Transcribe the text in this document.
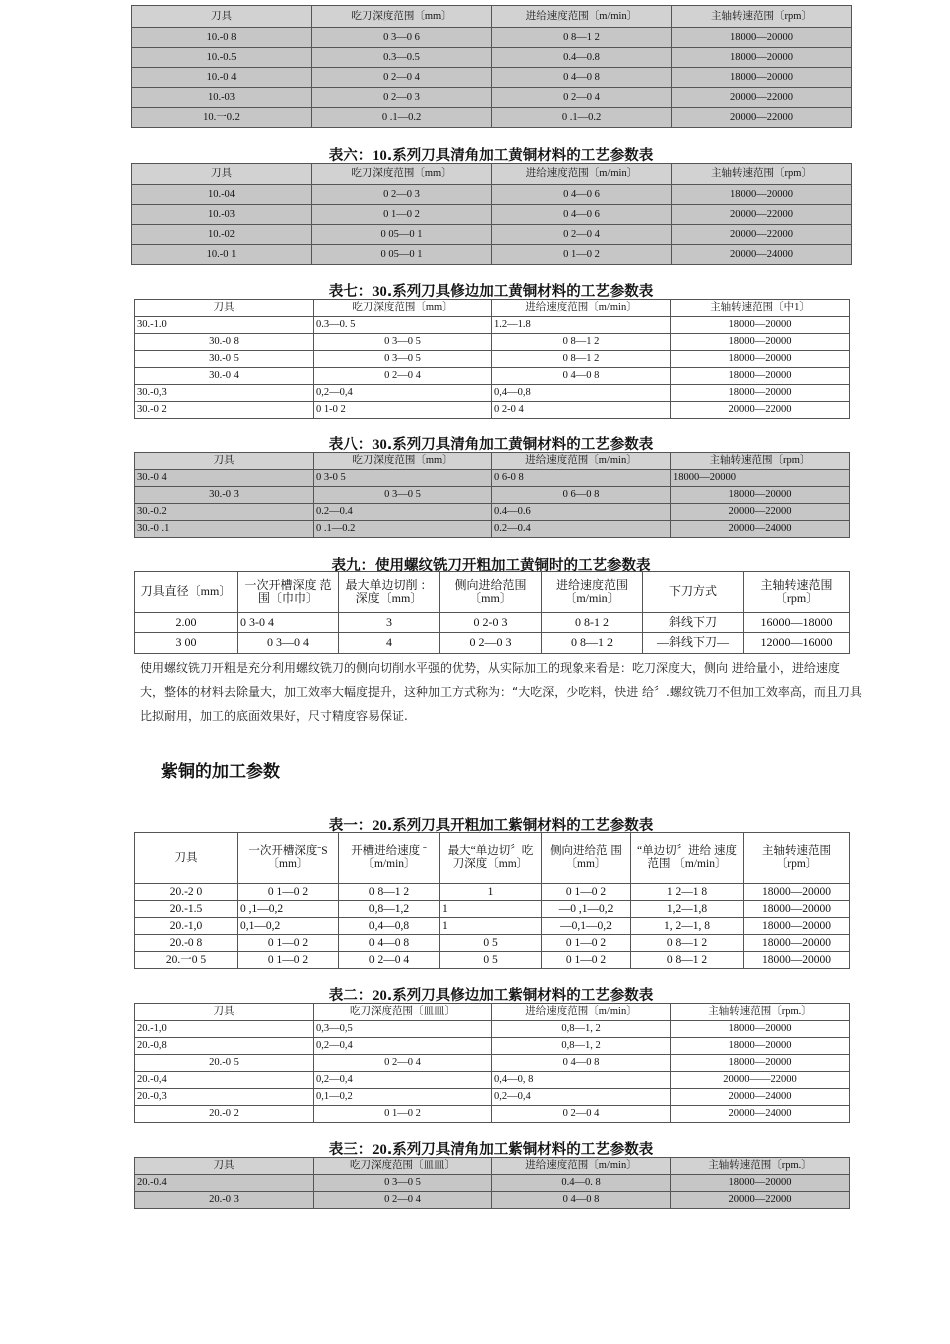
刀具	吃刀深度范围〔mm〕	进给速度范围〔m/min〕	主轴转速范围〔rpm〕
10.-0 8	0 3—0 6	0 8—1 2	18000—20000
10.-0.5	0.3—0.5	0.4—0.8	18000—20000
10.-0 4	0 2—0 4	0 4—0 8	18000—20000
10.-03	0 2—0 3	0 2—0 4	20000—22000
10.一0.2	0 .1—0.2	0 .1—0.2	20000—22000
表六：10.系列刀具清角加工黄铜材料的工艺参数表
刀具	吃刀深度范围〔mm〕	进给速度范围〔m/min〕	主轴转速范围〔rpm〕
10.-04	0 2—0 3	0 4—0 6	18000—20000
10.-03	0 1—0 2	0 4—0 6	20000—22000
10.-02	0 05—0 1	0 2—0 4	20000—22000
10.-0 1	0 05—0 1	0 1—0 2	20000—24000
表七：30.系列刀具修边加工黄铜材料的工艺参数表
刀具	吃刀深度范围〔mm〕	进给速度范围〔m/min〕	主轴转速范围〔中1〕
30.-1.0	0.3—0. 5	1.2—1.8	18000—20000
30.-0 8	0 3—0 5	0 8—1 2	18000—20000
30.-0 5	0 3—0 5	0 8—1 2	18000—20000
30.-0 4	0 2—0 4	0 4—0 8	18000—20000
30.-0,3	0,2—0,4	0,4—0,8	18000—20000
30.-0 2	0 1-0 2	0 2-0 4	20000—22000
表八：30.系列刀具清角加工黄铜材料的工艺参数表
刀具	吃刀深度范围〔mm〕	进给速度范围〔m/min〕	主轴转速范围〔rpm〕
30.-0 4	0 3-0 5	0 6-0 8	18000—20000
30.-0 3	0 3—0 5	0 6—0 8	18000—20000
30.-0.2	0.2—0.4	0.4—0.6	20000—22000
30.-0 .1	0 .1—0.2	0.2—0.4	20000—24000
表九：使用螺纹铣刀开粗加工黄铜时的工艺参数表
刀具直径〔mm〕	一次开槽深度 范围〔巾巾〕	最大单边切削 ：深度〔mm〕	侧向进给范围〔mm〕	进给速度范围〔m/min〕	下刀方式	主轴转速范围〔rpm〕
2.00	0 3-0 4	3	0 2-0 3	0 8-1 2	斜线下刀	16000—18000
3 00	0 3—0 4	4	0 2—0 3	0 8—1 2	—斜线下刀—	12000—16000
使用螺纹铣刀开粗是充分利用螺纹铣刀的侧向切削水平强的优势，从实际加工的现象来看是：吃刀深度大，侧向 进给量小，进给速度大，整体的材料去除量大，加工效率大幅度提升，这种加工方式称为：“大吃深，少吃料，快进 给〞.螺纹铣刀不但加工效率高，而且刀具比拟耐用，加工的底面效果好，尺寸精度容易保证.
紫铜的加工参数
表一：20.系列刀具开粗加工紫铜材料的工艺参数表
刀具	一次开槽深度ˉS〔mm〕	开槽进给速度 ˉ〔m/min〕	最大“单边切〞吃刀深度〔mm〕	侧向进给范 围〔mm〕	“单边切〞进给 速度范围 〔m/min〕	主轴转速范围〔rpm〕
20.-2 0	0 1—0 2	0 8—1 2	1	0 1—0 2	1 2—1 8	18000—20000
20.-1.5	0 ,1—0,2	0,8—1,2	1	—0 ,1—0,2	1,2—1,8	18000—20000
20.-1,0	0,1—0,2	0,4—0,8	1	—0,1—0,2	1, 2—1, 8	18000—20000
20.-0 8	0 1—0 2	0 4—0 8	0 5	0 1—0 2	0 8—1 2	18000—20000
20.一0 5	0 1—0 2	0 2—0 4	0 5	0 1—0 2	0 8—1 2	18000—20000
表二：20.系列刀具修边加工紫铜材料的工艺参数表
刀具	吃刀深度范围〔皿皿〕	进给速度范围〔m/min〕	主轴转速范围〔rpm.〕
20.-1,0	0,3—0,5	0,8—1, 2	18000—20000
20.-0,8	0,2—0,4	0,8—1, 2	18000—20000
20.-0 5	0 2—0 4	0 4—0 8	18000—20000
20.-0,4	0,2—0,4	0,4—0, 8	20000——22000
20.-0,3	0,1—0,2	0,2—0,4	20000—24000
20.-0 2	0 1—0 2	0 2—0 4	20000—24000
表三：20.系列刀具清角加工紫铜材料的工艺参数表
刀具	吃刀深度范围〔皿皿〕	进给速度范围〔m/min〕	主轴转速范围〔rpm.〕
20.-0.4	0 3—0 5	0.4—0. 8	18000—20000
20.-0 3	0 2—0 4	0 4—0 8	20000—22000
